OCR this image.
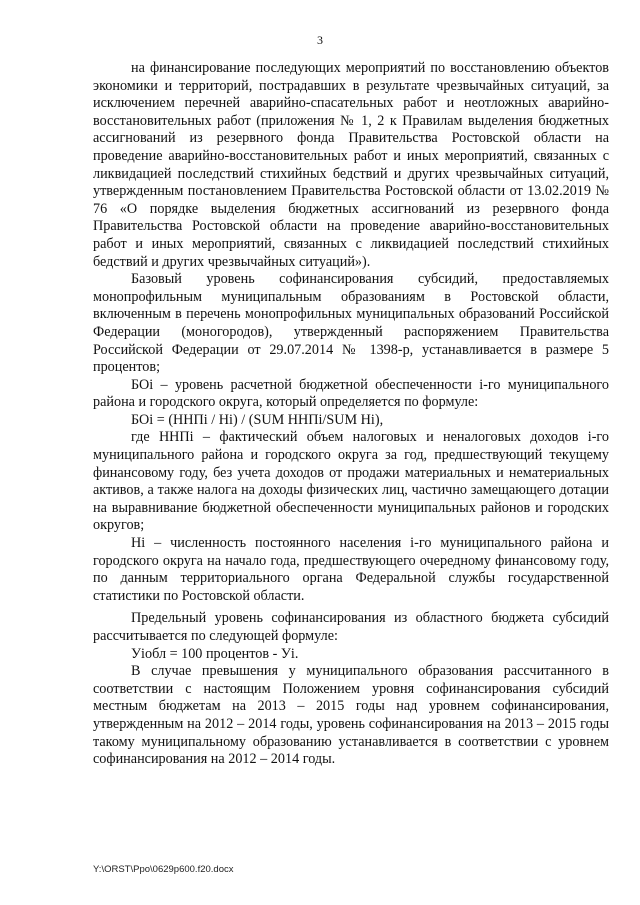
3

на финансирование последующих мероприятий по восстановлению объектов экономики и территорий, пострадавших в результате чрезвычайных ситуаций, за исключением перечней аварийно-спасательных работ и неотложных аварийно-восстановительных работ (приложения № 1, 2 к Правилам выделения бюджетных ассигнований из резервного фонда Правительства Ростовской области на проведение аварийно-восстановительных работ и иных мероприятий, связанных с ликвидацией последствий стихийных бедствий и других чрезвычайных ситуаций, утвержденным постановлением Правительства Ростовской области от 13.02.2019 № 76 «О порядке выделения бюджетных ассигнований из резервного фонда Правительства Ростовской области на проведение аварийно-восстановительных работ и иных мероприятий, связанных с ликвидацией последствий стихийных бедствий и других чрезвычайных ситуаций»).

Базовый уровень софинансирования субсидий, предоставляемых монопрофильным муниципальным образованиям в Ростовской области, включенным в перечень монопрофильных муниципальных образований Российской Федерации (моногородов), утвержденный распоряжением Правительства Российской Федерации от 29.07.2014 № 1398-р, устанавливается в размере 5 процентов;

БОi – уровень расчетной бюджетной обеспеченности i-го муниципального района и городского округа, который определяется по формуле:

БОi = (ННПi / Нi) / (SUM ННПi/SUM Нi),

где ННПi – фактический объем налоговых и неналоговых доходов i-го муниципального района и городского округа за год, предшествующий текущему финансовому году, без учета доходов от продажи материальных и нематериальных активов, а также налога на доходы физических лиц, частично замещающего дотации на выравнивание бюджетной обеспеченности муниципальных районов и городских округов;

Нi – численность постоянного населения i-го муниципального района и городского округа на начало года, предшествующего очередному финансовому году, по данным территориального органа Федеральной службы государственной статистики по Ростовской области.

Предельный уровень софинансирования из областного бюджета субсидий рассчитывается по следующей формуле:

Уiобл = 100 процентов - Уi.

В случае превышения у муниципального образования рассчитанного в соответствии с настоящим Положением уровня софинансирования субсидий местным бюджетам на 2013 – 2015 годы над уровнем софинансирования, утвержденным на 2012 – 2014 годы, уровень софинансирования на 2013 – 2015 годы такому муниципальному образованию устанавливается в соответствии с уровнем софинансирования на 2012 – 2014 годы.

Y:\ORST\Ppo\0629p600.f20.docx
